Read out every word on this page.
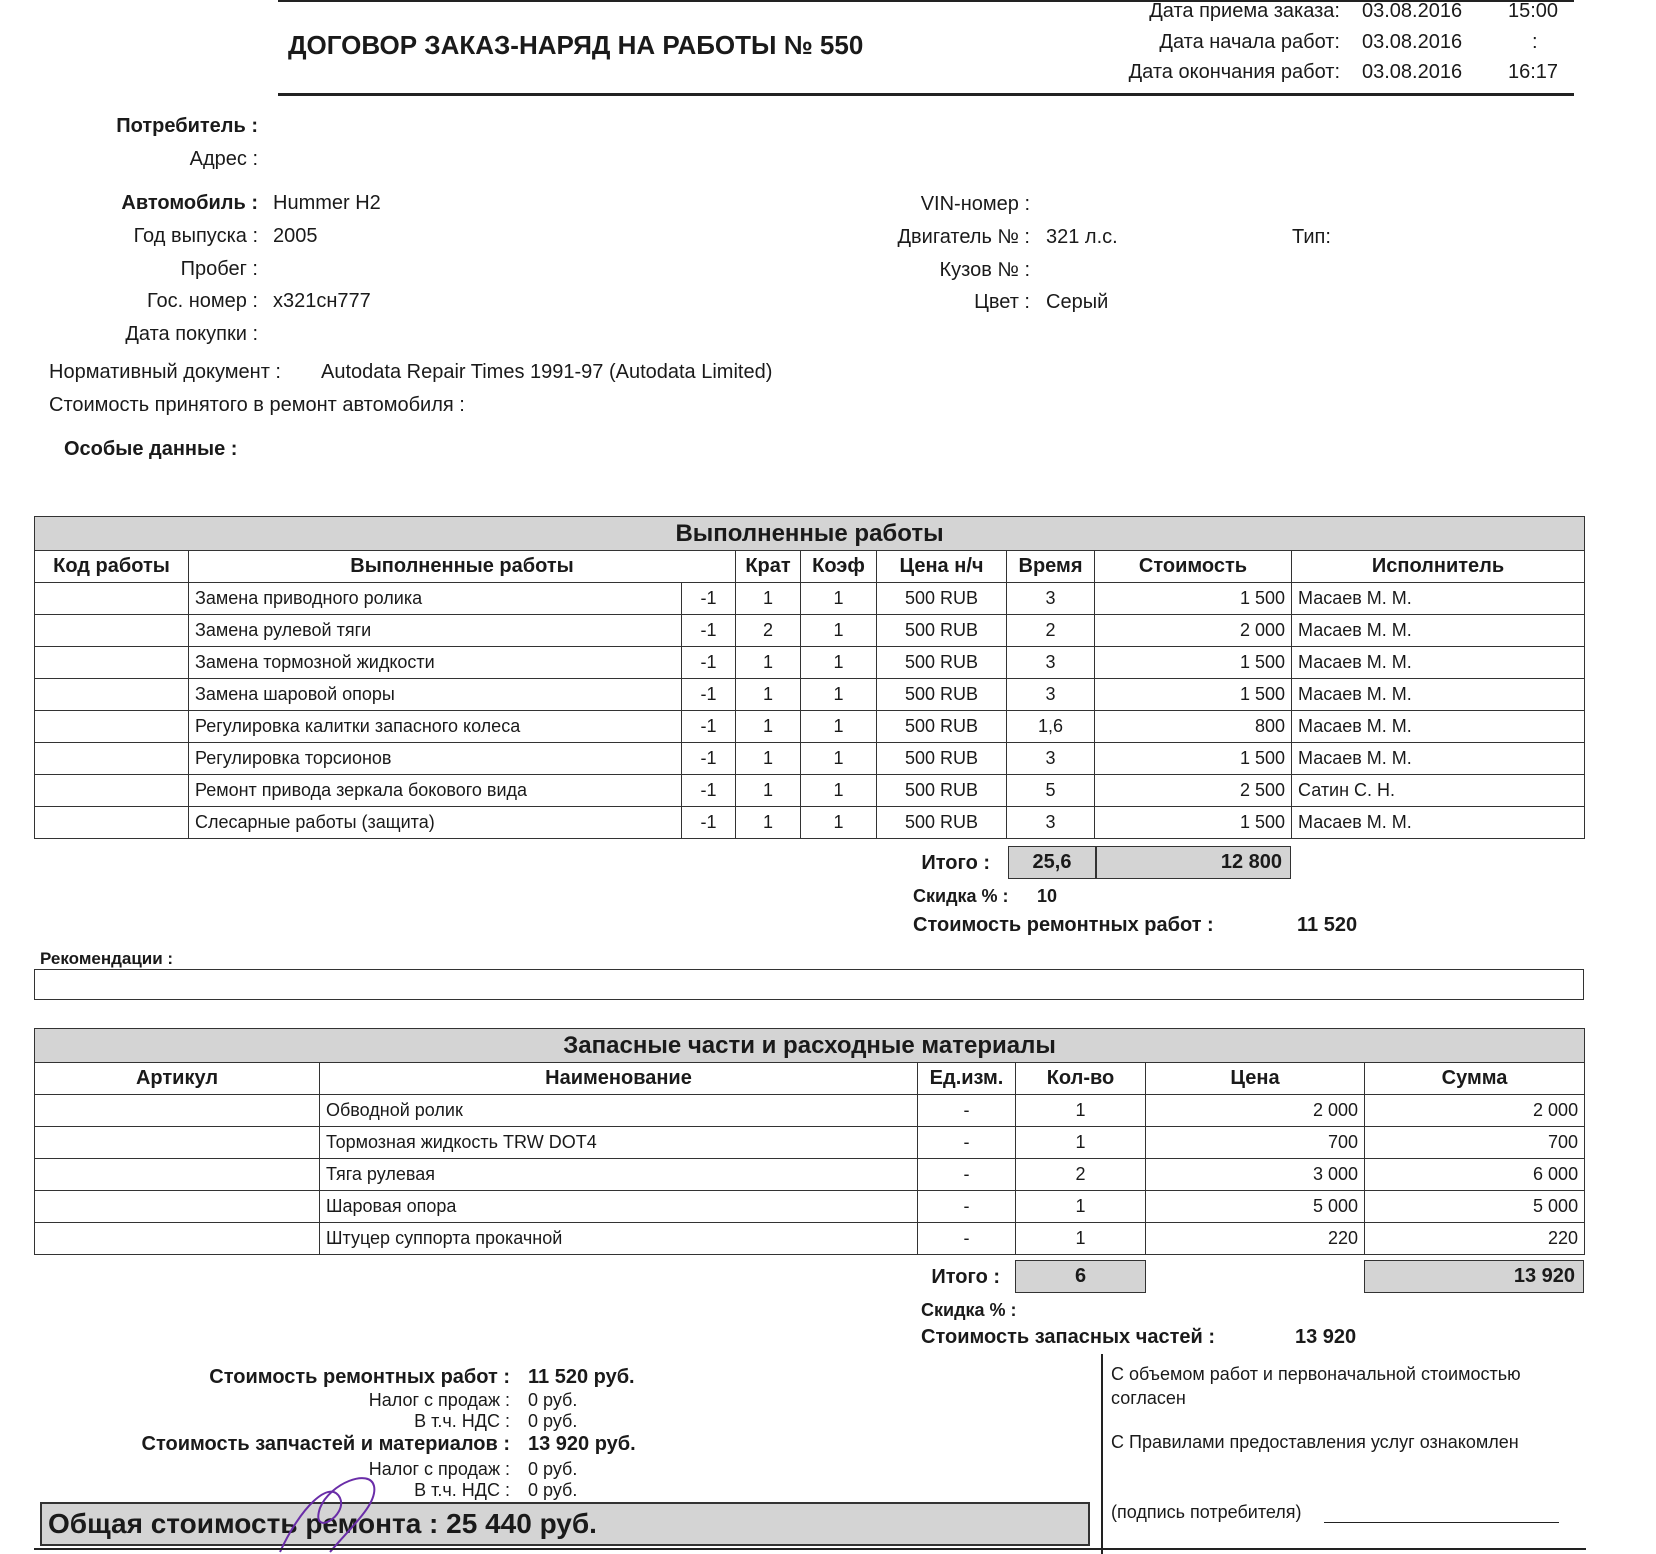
ДОГОВОР ЗАКАЗ-НАРЯД НА РАБОТЫ № 550
Дата приема заказа: 03.08.2016 15:00
Дата начала работ: 03.08.2016	:
Дата окончания работ: 03.08.2016 16:17
Потребитель :
Адрес :
Автомобиль : Hummer H2
Год выпуска : 2005
Пробег :
Гос. номер : х321сн777
Дата покупки :
VIN-номер :
Двигатель № : 321 л.с.	Тип:
Кузов № :
Цвет : Серый
Нормативный документ : Autodata Repair Times 1991-97 (Autodata Limited)
Стоимость принятого в ремонт автомобиля :
Особые данные :
Выполненные работы								
Код работы	Выполненные работы		Крат	Коэф	Цена н/ч	Время	Стоимость	Исполнитель
	Замена приводного ролика	-1	1	1	500 RUB	3	1 500	Масаев М. М.
	Замена рулевой тяги	-1	2	1	500 RUB	2	2 000	Масаев М. М.
	Замена тормозной жидкости	-1	1	1	500 RUB	3	1 500	Масаев М. М.
	Замена шаровой опоры	-1	1	1	500 RUB	3	1 500	Масаев М. М.
	Регулировка калитки запасного колеса	-1	1	1	500 RUB	1,6	800	Масаев М. М.
	Регулировка торсионов	-1	1	1	500 RUB	3	1 500	Масаев М. М.
	Ремонт привода зеркала бокового вида	-1	1	1	500 RUB	5	2 500	Сатин С. Н.
	Слесарные работы (защита)	-1	1	1	500 RUB	3	1 500	Масаев М. М.
Итого :	25,6	12 800
Скидка % : 10
Стоимость ремонтных работ :	11 520
Рекомендации :
Запасные части и расходные материалы					
Артикул	Наименование	Ед.изм.	Кол-во	Цена	Сумма
	Обводной ролик	-	1	2 000	2 000
	Тормозная жидкость TRW DOT4	-	1	700	700
	Тяга рулевая	-	2	3 000	6 000
	Шаровая опора	-	1	5 000	5 000
	Штуцер суппорта прокачной	-	1	220	220
Итого :	6	13 920
Скидка % :
Стоимость запасных частей :	13 920
Стоимость ремонтных работ : 11 520 руб.
Налог с продаж : 0 руб.
В т.ч. НДС : 0 руб.
Стоимость запчастей и материалов : 13 920 руб.
Налог с продаж : 0 руб.
В т.ч. НДС : 0 руб.
Общая стоимость ремонта : 25 440 руб.
С объемом работ и первоначальной стоимостью
согласен
С Правилами предоставления услуг ознакомлен
(подпись потребителя)
